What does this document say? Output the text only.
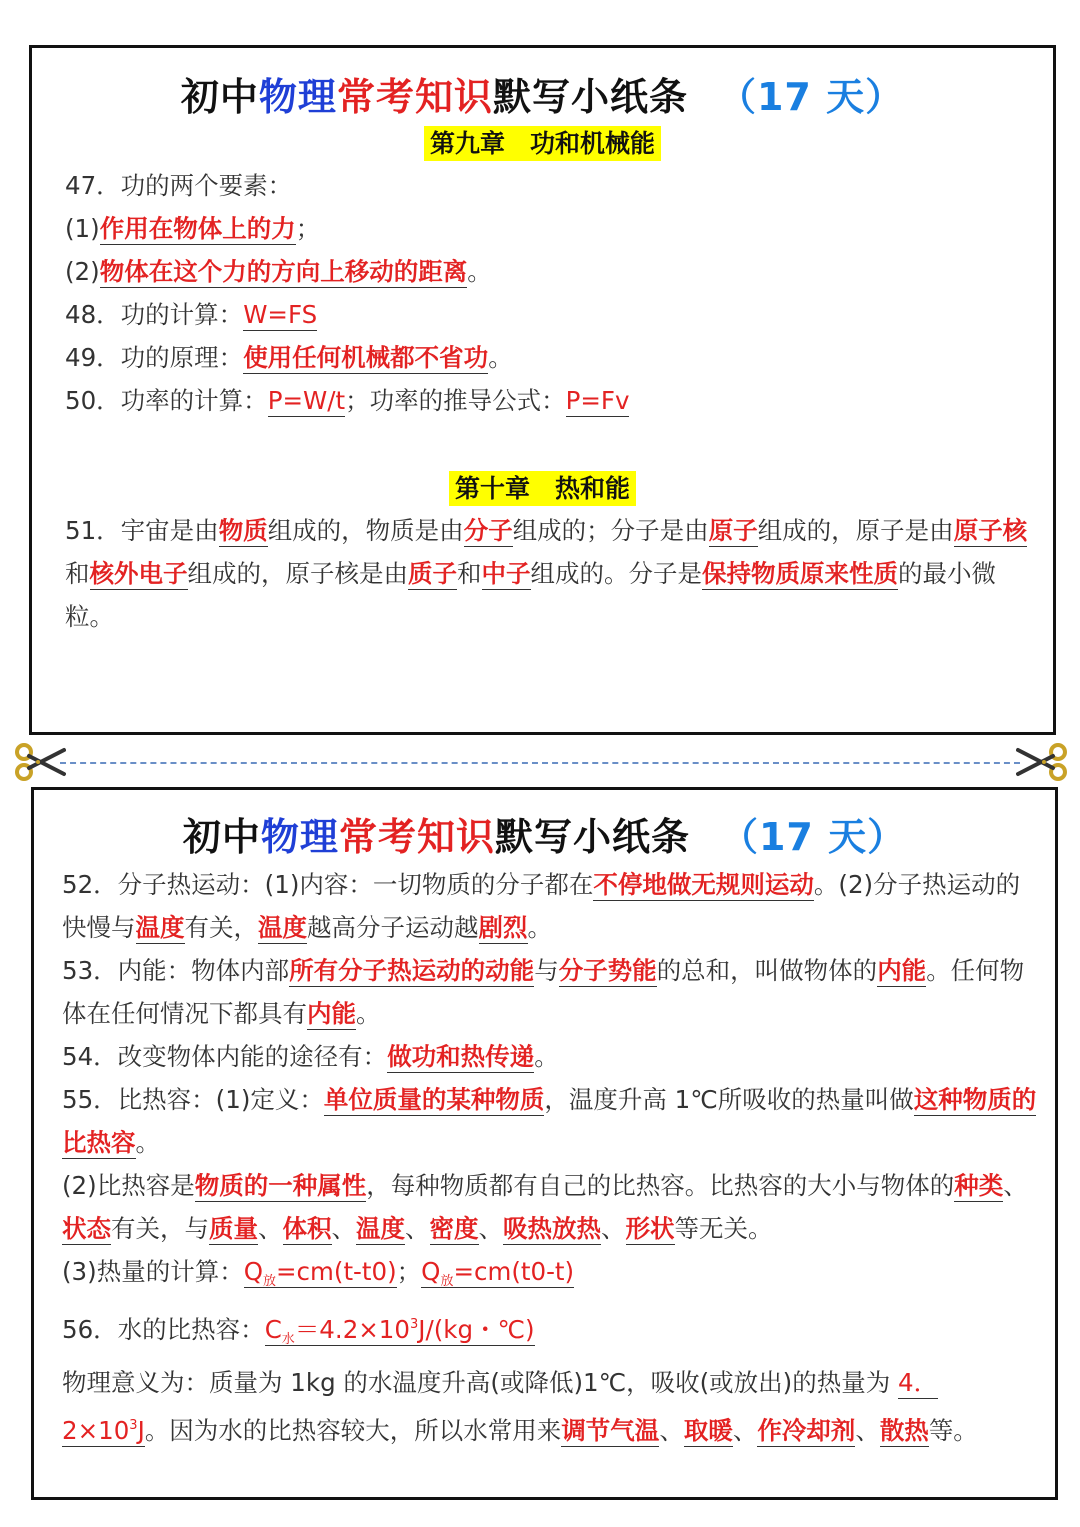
初中物理常考知识默写小纸条 （17 天）
第九章　功和机械能
47．功的两个要素：
(1)作用在物体上的力；
(2)物体在这个力的方向上移动的距离。
48．功的计算：W=FS
49．功的原理：使用任何机械都不省功。
50．功率的计算：P=W/t；功率的推导公式：P=Fv
第十章　热和能
51．宇宙是由物质组成的，物质是由分子组成的；分子是由原子组成的，原子是由原子核和核外电子组成的，原子核是由质子和中子组成的。分子是保持物质原来性质的最小微粒。
初中物理常考知识默写小纸条 （17 天）
52．分子热运动：(1)内容：一切物质的分子都在不停地做无规则运动。(2)分子热运动的快慢与温度有关，温度越高分子运动越剧烈。
53．内能：物体内部所有分子热运动的动能与分子势能的总和，叫做物体的内能。任何物体在任何情况下都具有内能。
54．改变物体内能的途径有：做功和热传递。
55．比热容：(1)定义：单位质量的某种物质，温度升高 1℃所吸收的热量叫做这种物质的比热容。
(2)比热容是物质的一种属性，每种物质都有自己的比热容。比热容的大小与物体的种类、状态有关，与质量、体积、温度、密度、吸热放热、形状等无关。
(3)热量的计算：$Q_放=cm(t-t0)$；$Q_放=cm(t0-t)$
56．水的比热容：$C_水=4.2\times 10^3J/(kg$・℃)
物理意义为：质量为 1kg 的水温度升高(或降低)1℃，吸收(或放出)的热量为 4．$2\times 10^3J$。因为水的比热容较大，所以水常用来调节气温、取暖、作冷却剂、散热等。
